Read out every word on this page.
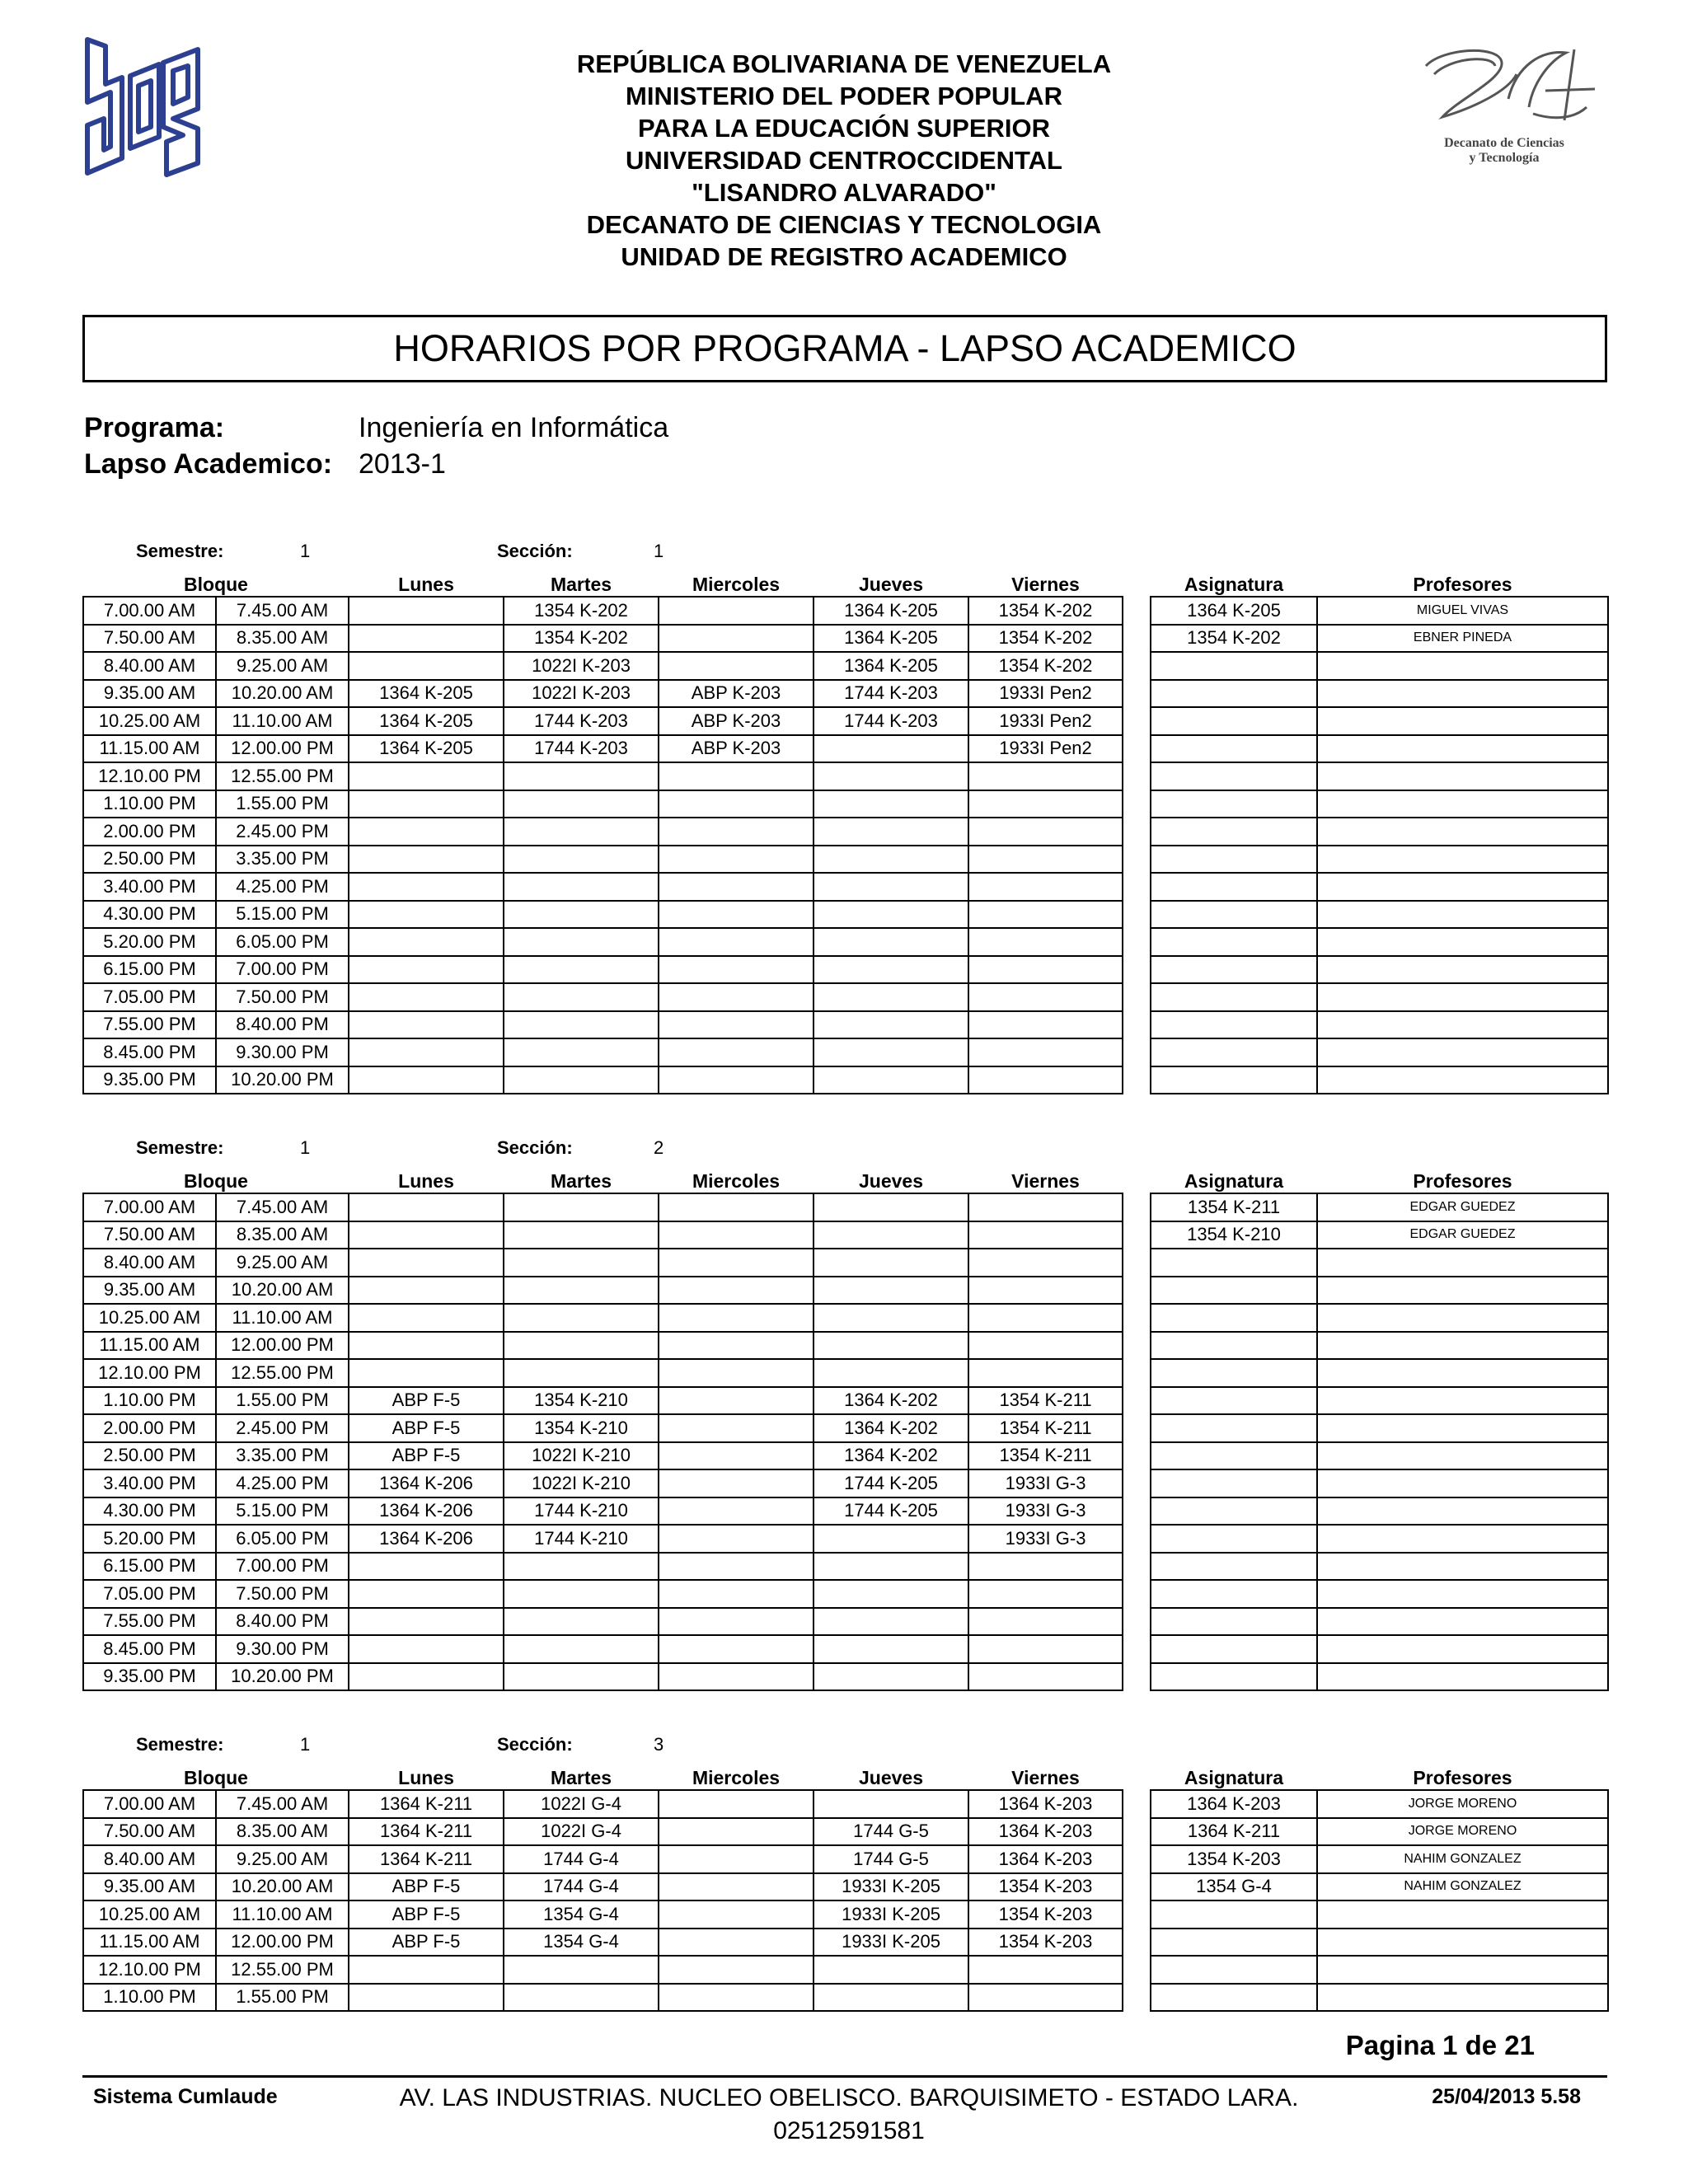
REPÚBLICA BOLIVARIANA DE VENEZUELA
MINISTERIO DEL PODER POPULAR
PARA LA EDUCACIÓN SUPERIOR
UNIVERSIDAD CENTROCCIDENTAL
"LISANDRO ALVARADO"
DECANATO DE CIENCIAS Y TECNOLOGIA
UNIDAD DE REGISTRO ACADEMICO
Decanato de Ciencias
y Tecnología
HORARIOS POR PROGRAMA - LAPSO ACADEMICO
Programa:	Ingeniería en Informática
Lapso Academico: 2013-1
Semestre:	1	Sección:	1
Bloque		Lunes	Martes	Miercoles	Jueves	Viernes
7.00.00 AM	7.45.00 AM		1354 K-202		1364 K-205	1354 K-202
7.50.00 AM	8.35.00 AM		1354 K-202		1364 K-205	1354 K-202
8.40.00 AM	9.25.00 AM		1022I K-203		1364 K-205	1354 K-202
9.35.00 AM	10.20.00 AM	1364 K-205	1022I K-203	ABP K-203	1744 K-203	1933I Pen2
10.25.00 AM	11.10.00 AM	1364 K-205	1744 K-203	ABP K-203	1744 K-203	1933I Pen2
11.15.00 AM	12.00.00 PM	1364 K-205	1744 K-203	ABP K-203		1933I Pen2
12.10.00 PM	12.55.00 PM					
1.10.00 PM	1.55.00 PM					
2.00.00 PM	2.45.00 PM					
2.50.00 PM	3.35.00 PM					
3.40.00 PM	4.25.00 PM					
4.30.00 PM	5.15.00 PM					
5.20.00 PM	6.05.00 PM					
6.15.00 PM	7.00.00 PM					
7.05.00 PM	7.50.00 PM					
7.55.00 PM	8.40.00 PM					
8.45.00 PM	9.30.00 PM					
9.35.00 PM	10.20.00 PM					
Asignatura	Profesores
1364 K-205	MIGUEL VIVAS
1354 K-202	EBNER PINEDA

Semestre:	1	Sección:	2
Bloque		Lunes	Martes	Miercoles	Jueves	Viernes
7.00.00 AM	7.45.00 AM					
7.50.00 AM	8.35.00 AM					
8.40.00 AM	9.25.00 AM					
9.35.00 AM	10.20.00 AM					
10.25.00 AM	11.10.00 AM					
11.15.00 AM	12.00.00 PM					
12.10.00 PM	12.55.00 PM					
1.10.00 PM	1.55.00 PM	ABP F-5	1354 K-210		1364 K-202	1354 K-211
2.00.00 PM	2.45.00 PM	ABP F-5	1354 K-210		1364 K-202	1354 K-211
2.50.00 PM	3.35.00 PM	ABP F-5	1022I K-210		1364 K-202	1354 K-211
3.40.00 PM	4.25.00 PM	1364 K-206	1022I K-210		1744 K-205	1933I G-3
4.30.00 PM	5.15.00 PM	1364 K-206	1744 K-210		1744 K-205	1933I G-3
5.20.00 PM	6.05.00 PM	1364 K-206	1744 K-210			1933I G-3
6.15.00 PM	7.00.00 PM					
7.05.00 PM	7.50.00 PM					
7.55.00 PM	8.40.00 PM					
8.45.00 PM	9.30.00 PM					
9.35.00 PM	10.20.00 PM					
Asignatura	Profesores
1354 K-211	EDGAR GUEDEZ
1354 K-210	EDGAR GUEDEZ

Semestre:	1	Sección:	3
Bloque		Lunes	Martes	Miercoles	Jueves	Viernes
7.00.00 AM	7.45.00 AM	1364 K-211	1022I G-4			1364 K-203
7.50.00 AM	8.35.00 AM	1364 K-211	1022I G-4		1744 G-5	1364 K-203
8.40.00 AM	9.25.00 AM	1364 K-211	1744 G-4		1744 G-5	1364 K-203
9.35.00 AM	10.20.00 AM	ABP F-5	1744 G-4		1933I K-205	1354 K-203
10.25.00 AM	11.10.00 AM	ABP F-5	1354 G-4		1933I K-205	1354 K-203
11.15.00 AM	12.00.00 PM	ABP F-5	1354 G-4		1933I K-205	1354 K-203
12.10.00 PM	12.55.00 PM					
1.10.00 PM	1.55.00 PM					
Asignatura	Profesores
1364 K-203	JORGE MORENO
1364 K-211	JORGE MORENO
1354 K-203	NAHIM GONZALEZ
1354 G-4	NAHIM GONZALEZ

Pagina 1 de 21
Sistema Cumlaude	AV. LAS INDUSTRIAS. NUCLEO OBELISCO. BARQUISIMETO - ESTADO LARA.
02512591581
25/04/2013 5.58
